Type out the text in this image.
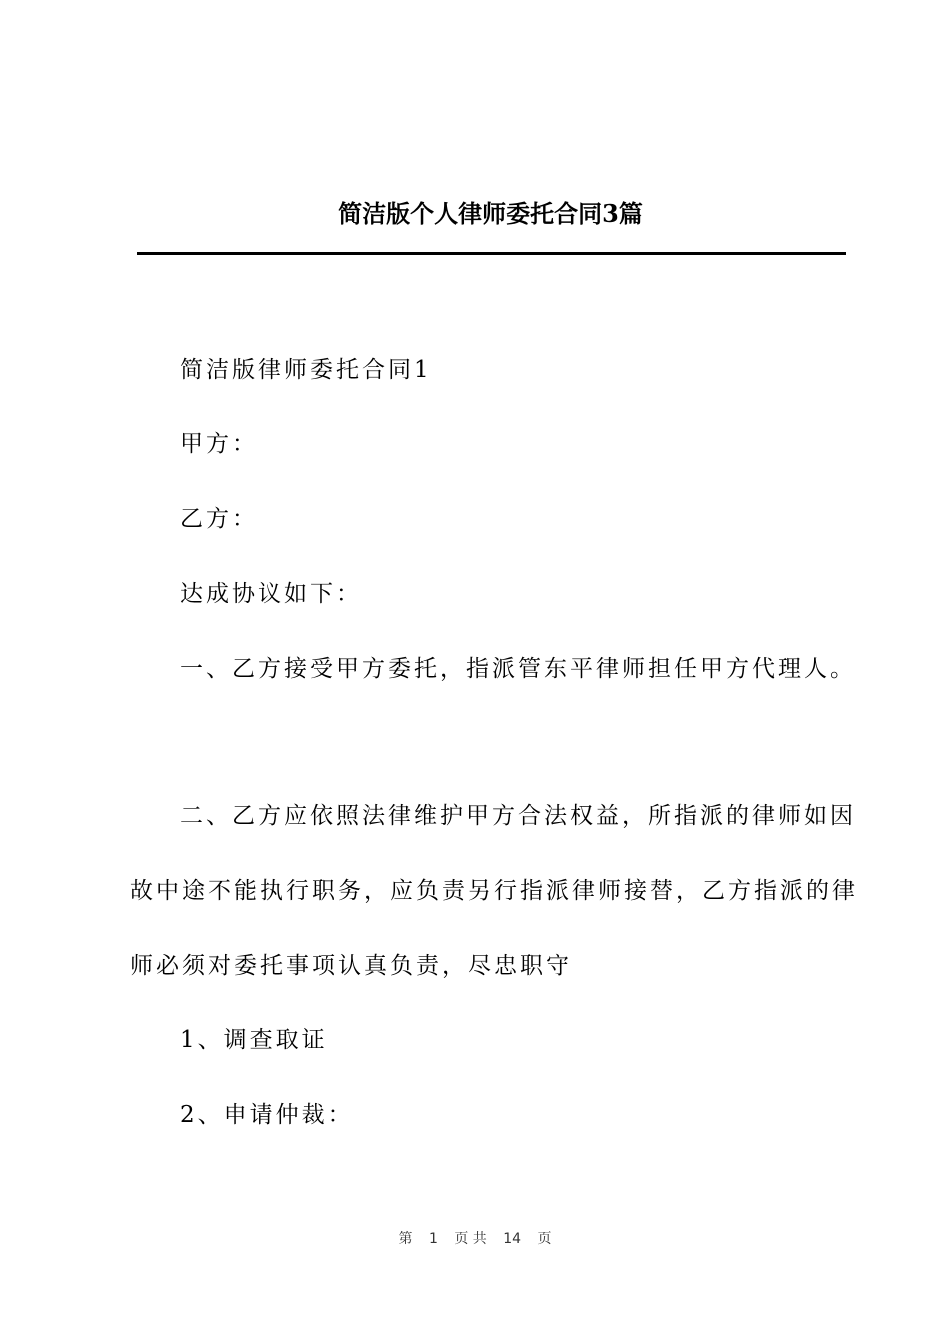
简洁版个人律师委托合同3篇
简洁版律师委托合同1
甲方：
乙方：
达成协议如下：
一、乙方接受甲方委托，指派管东平律师担任甲方代理人。
二、乙方应依照法律维护甲方合法权益，所指派的律师如因
故中途不能执行职务，应负责另行指派律师接替，乙方指派的律
师必须对委托事项认真负责，尽忠职守
1、调查取证
2、申请仲裁：
第 1 页 共 14 页
